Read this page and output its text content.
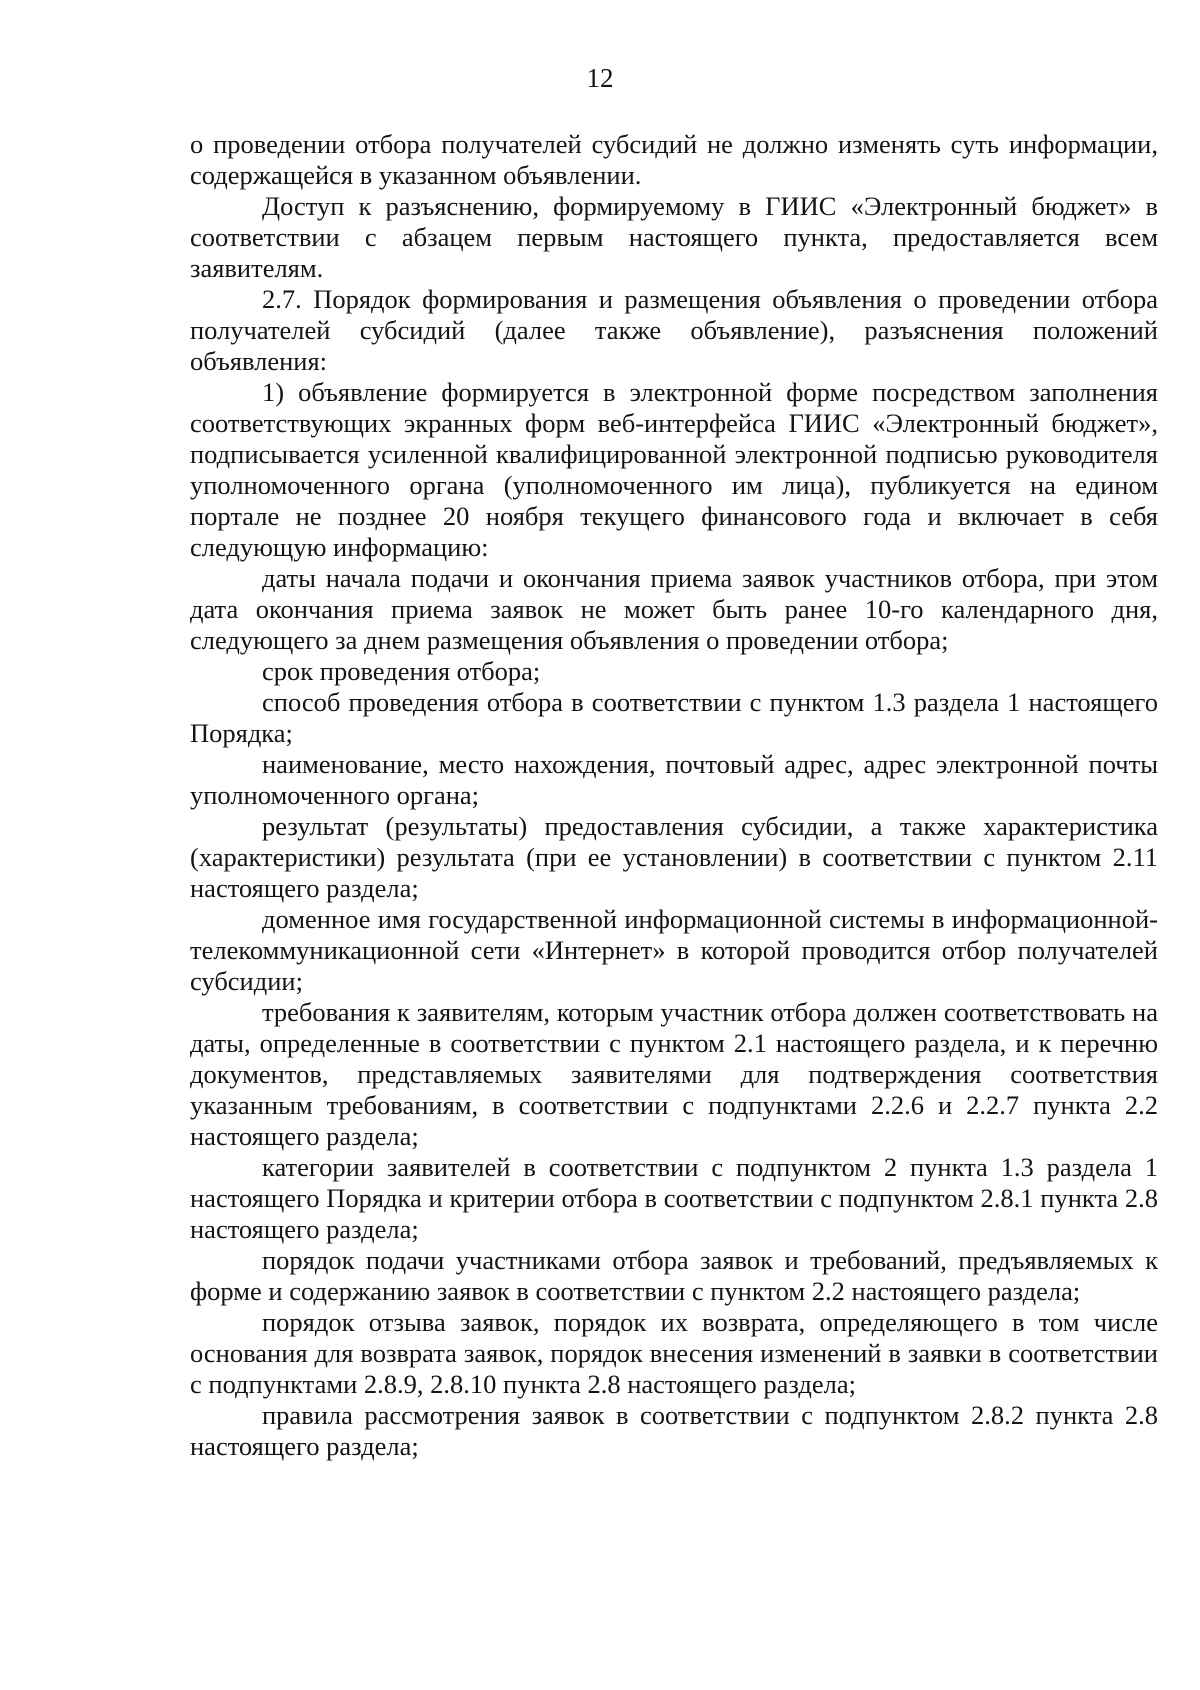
12

о проведении отбора получателей субсидий не должно изменять суть информации, содержащейся в указанном объявлении.

Доступ к разъяснению, формируемому в ГИИС «Электронный бюджет» в соответствии с абзацем первым настоящего пункта, предоставляется всем заявителям.

2.7. Порядок формирования и размещения объявления о проведении отбора получателей субсидий (далее также объявление), разъяснения положений объявления:

1) объявление формируется в электронной форме посредством заполнения соответствующих экранных форм веб-интерфейса ГИИС «Электронный бюджет», подписывается усиленной квалифицированной электронной подписью руководителя уполномоченного органа (уполномоченного им лица), публикуется на едином портале не позднее 20 ноября текущего финансового года и включает в себя следующую информацию:

даты начала подачи и окончания приема заявок участников отбора, при этом дата окончания приема заявок не может быть ранее 10-го календарного дня, следующего за днем размещения объявления о проведении отбора;

срок проведения отбора;

способ проведения отбора в соответствии с пунктом 1.3 раздела 1 настоящего Порядка;

наименование, место нахождения, почтовый адрес, адрес электронной почты уполномоченного органа;

результат (результаты) предоставления субсидии, а также характеристика (характеристики) результата (при ее установлении) в соответствии с пунктом 2.11 настоящего раздела;

доменное имя государственной информационной системы в информационной-телекоммуникационной сети «Интернет» в которой проводится отбор получателей субсидии;

требования к заявителям, которым участник отбора должен соответствовать на даты, определенные в соответствии с пунктом 2.1 настоящего раздела, и к перечню документов, представляемых заявителями для подтверждения соответствия указанным требованиям, в соответствии с подпунктами 2.2.6 и 2.2.7 пункта 2.2 настоящего раздела;

категории заявителей в соответствии с подпунктом 2 пункта 1.3 раздела 1 настоящего Порядка и критерии отбора в соответствии с подпунктом 2.8.1 пункта 2.8 настоящего раздела;

порядок подачи участниками отбора заявок и требований, предъявляемых к форме и содержанию заявок в соответствии с пунктом 2.2 настоящего раздела;

порядок отзыва заявок, порядок их возврата, определяющего в том числе основания для возврата заявок, порядок внесения изменений в заявки в соответствии с подпунктами 2.8.9, 2.8.10 пункта 2.8 настоящего раздела;

правила рассмотрения заявок в соответствии с подпунктом 2.8.2 пункта 2.8 настоящего раздела;
